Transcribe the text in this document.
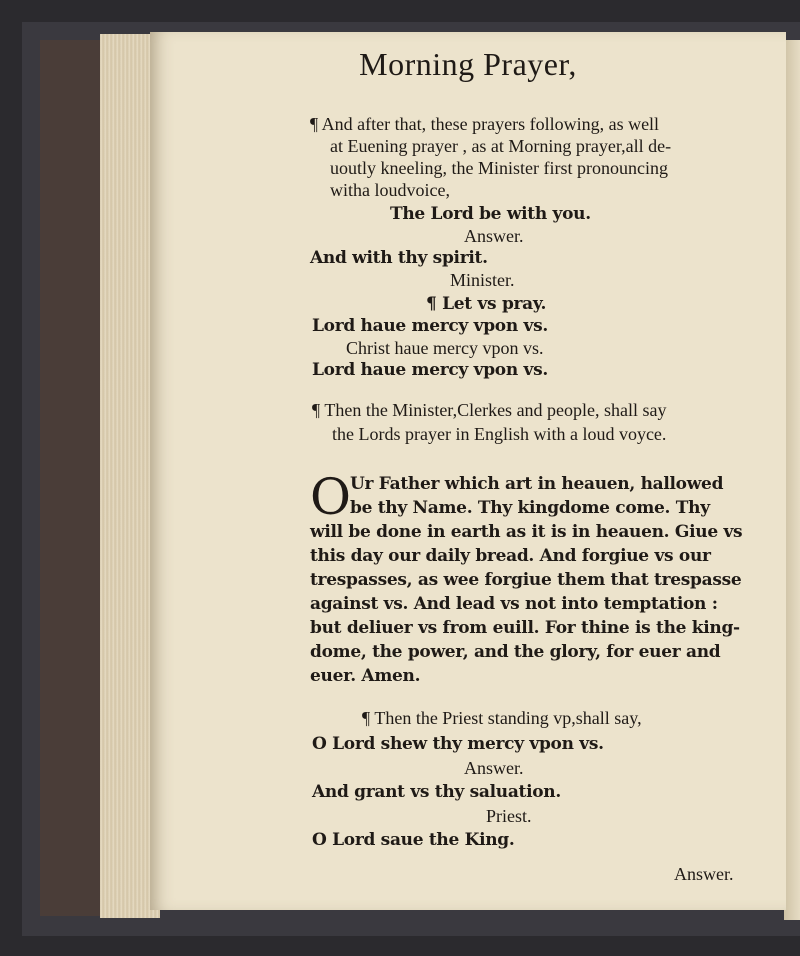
Morning Prayer,
¶ And after that, these prayers following, as well
at Euening prayer , as at Morning prayer,all de-
uoutly kneeling, the Minister first pronouncing
witha loudvoice,
The Lord be with you.
Answer.
And with thy spirit.
Minister.
¶ Let vs pray.
Lord haue mercy vpon vs.
Christ haue mercy vpon vs.
Lord haue mercy vpon vs.
¶ Then the Minister,Clerkes and people, shall say
the Lords prayer in English with a loud voyce.
O Ur Father which art in heauen, hallowed
be thy Name. Thy kingdome come. Thy
will be done in earth as it is in heauen. Giue vs
this day our daily bread. And forgiue vs our
trespasses, as wee forgiue them that trespasse
against vs. And lead vs not into temptation :
but deliuer vs from euill. For thine is the king-
dome, the power, and the glory, for euer and
euer. Amen.
¶ Then the Priest standing vp,shall say,
O Lord shew thy mercy vpon vs.
Answer.
And grant vs thy saluation.
Priest.
O Lord saue the King.
Answer.
